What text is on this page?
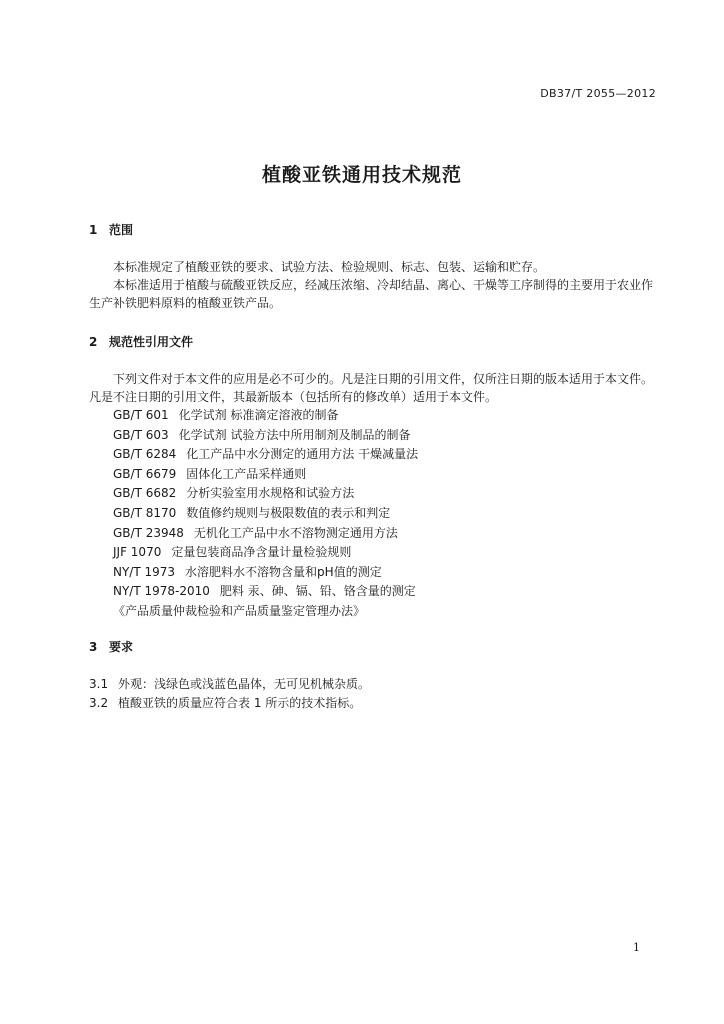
DB37/T 2055—2012
植酸亚铁通用技术规范
1 范围
本标准规定了植酸亚铁的要求、试验方法、检验规则、标志、包装、运输和贮存。
本标准适用于植酸与硫酸亚铁反应，经减压浓缩、冷却结晶、离心、干燥等工序制得的主要用于农业作生产补铁肥料原料的植酸亚铁产品。
2 规范性引用文件
下列文件对于本文件的应用是必不可少的。凡是注日期的引用文件，仅所注日期的版本适用于本文件。凡是不注日期的引用文件，其最新版本（包括所有的修改单）适用于本文件。
GB/T 601 化学试剂 标准滴定溶液的制备
GB/T 603 化学试剂 试验方法中所用制剂及制品的制备
GB/T 6284 化工产品中水分测定的通用方法 干燥减量法
GB/T 6679 固体化工产品采样通则
GB/T 6682 分析实验室用水规格和试验方法
GB/T 8170 数值修约规则与极限数值的表示和判定
GB/T 23948 无机化工产品中水不溶物测定通用方法
JJF 1070 定量包装商品净含量计量检验规则
NY/T 1973 水溶肥料水不溶物含量和pH值的测定
NY/T 1978-2010 肥料 汞、砷、镉、铅、铬含量的测定
《产品质量仲裁检验和产品质量鉴定管理办法》
3 要求
3.1 外观：浅绿色或浅蓝色晶体，无可见机械杂质。
3.2 植酸亚铁的质量应符合表 1 所示的技术指标。
1
